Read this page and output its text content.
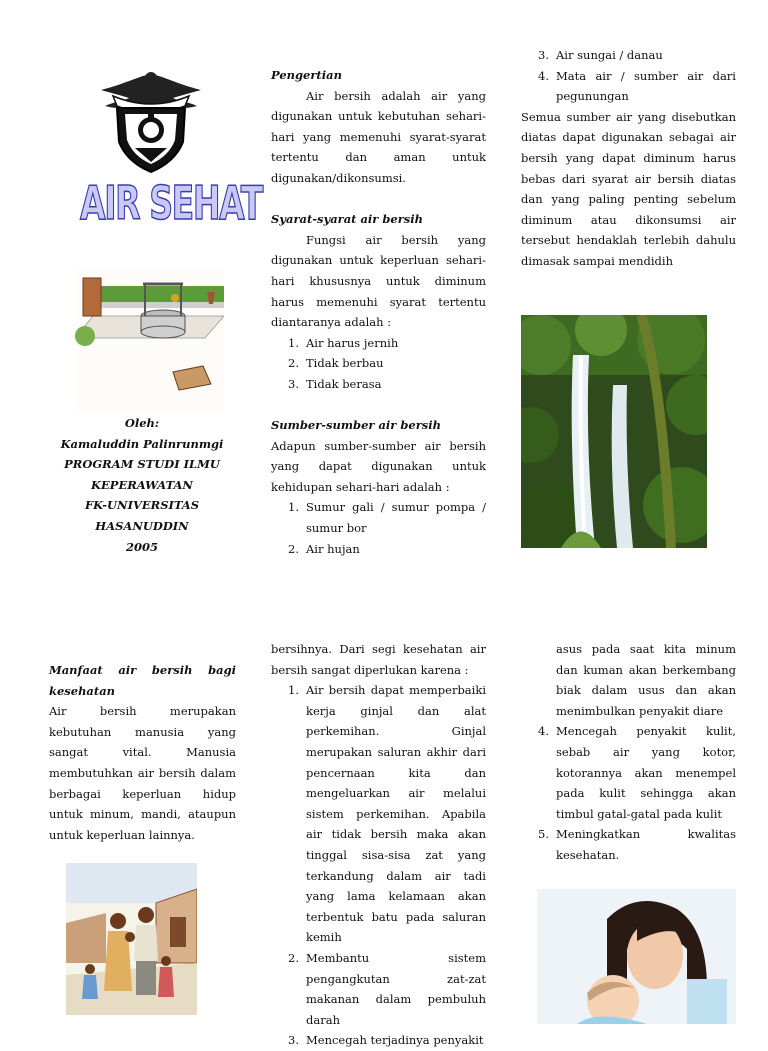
AIR SEHAT
Oleh:
Kamaluddin Palinrunmgi
PROGRAM STUDI ILMU
KEPERAWATAN
FK-UNIVERSITAS
HASANUDDIN
2005
Pengertian
Air bersih adalah air yang digunakan untuk kebutuhan sehari-hari yang memenuhi syarat-syarat tertentu dan aman untuk digunakan/dikonsumsi.
Syarat-syarat air bersih
Fungsi air bersih yang digunakan untuk keperluan sehari-hari khususnya untuk diminum harus memenuhi syarat tertentu diantaranya adalah :
1. Air harus jernih
2. Tidak berbau
3. Tidak berasa
Sumber-sumber air bersih
Adapun sumber-sumber air bersih yang dapat digunakan untuk kehidupan sehari-hari adalah :
1. Sumur gali / sumur pompa / sumur bor
2. Air hujan
3. Air sungai / danau
4. Mata air / sumber air dari pegunungan
Semua sumber air yang disebutkan diatas dapat digunakan sebagai air bersih yang dapat diminum harus bebas dari syarat air bersih diatas dan yang paling penting sebelum diminum atau dikonsumsi air tersebut hendaklah terlebih dahulu dimasak sampai mendidih
Manfaat air bersih bagi kesehatan
Air bersih merupakan kebutuhan manusia yang sangat vital. Manusia membutuhkan air bersih dalam berbagai keperluan hidup untuk minum, mandi, ataupun untuk keperluan lainnya.
bersihnya. Dari segi kesehatan air bersih sangat diperlukan karena :
1. Air bersih dapat memperbaiki kerja ginjal dan alat perkemihan. Ginjal merupakan saluran akhir dari pencernaan kita dan mengeluarkan air melalui sistem perkemihan. Apabila air tidak bersih maka akan tinggal sisa-sisa zat yang terkandung dalam air tadi yang lama kelamaan akan terbentuk batu pada saluran kemih
2. Membantu sistem pengangkutan zat-zat makanan dalam pembuluh darah
3. Mencegah terjadinya penyakit
asus pada saat kita minum dan kuman akan berkembang biak dalam usus dan akan menimbulkan penyakit diare
4. Mencegah penyakit kulit, sebab air yang kotor, kotorannya akan menempel pada kulit sehingga akan timbul gatal-gatal pada kulit
5. Meningkatkan kwalitas kesehatan.
